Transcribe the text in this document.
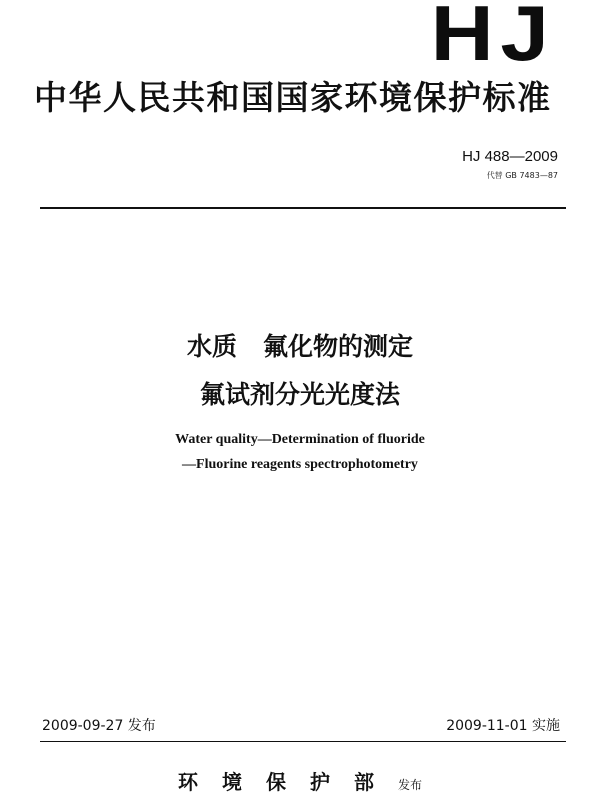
HJ
中华人民共和国国家环境保护标准
HJ 488—2009
代替 GB 7483—87
水质   氟化物的测定
氟试剂分光光度法
Water quality—Determination of fluoride
—Fluorine reagents spectrophotometry
2009-09-27 发布	2009-11-01 实施
环境保护部发布
